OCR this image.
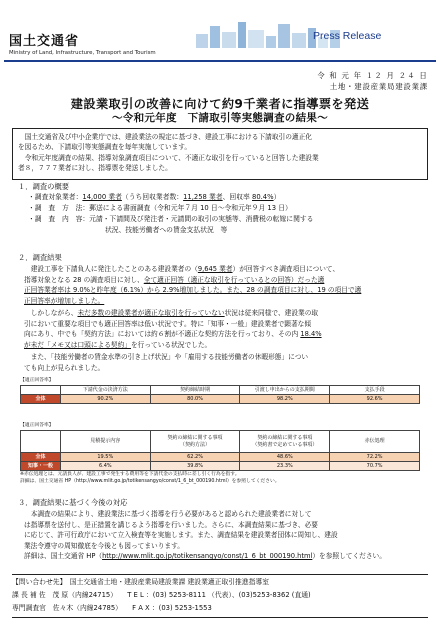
国土交通省
Ministry of Land, Infrastructure, Transport and Tourism
Press Release
令 和 元 年 １２ 月 ２４ 日
土地・建設産業局建設業課
建設業取引の改善に向けて約9千業者に指導票を発送
～令和元年度　下請取引等実態調査の結果～

国土交通省及び中小企業庁では、建設業法の規定に基づき、建設工事における下請取引の適正化

を図るため、下請取引等実態調査を毎年実施しています。

令和元年度調査の結果、指導対象調査項目について、不適正な取引を行っていると回答した建設業

者８，７７７業者に対し、指導票を発送しました。
１．調査の概要
・調査対象業者：14,000 業者（うち回収業者数：11,258 業者、回収率 80.4%）
・調　査　方　法：郵送による書面調査（令和元年７月 10 日～令和元年９月 13 日）
・調　査　内　容：元請・下請間及び発注者・元請間の取引の実態等、消費税の転嫁に関する
状況、技能労働者への賃金支払状況　等
２．調査結果
建設工事を下請負人に発注したことのある建設業者の（9,645 業者）が回答すべき調査項目について、
指導対象となる 28 の調査項目に対し、全て適正回答（適正な取引を行っているとの回答）だった適
正回答業者率は 9.0%と昨年度（6.1%）から 2.9%増加しました。また、28 の調査項目に対し、19 の項目で適
正回答率が増加しました。
しかしながら、未だ多数の建設業者が適正な取引を行っていない状況は従来同様で、建設業の取
引において重要な項目でも適正回答率は低い状況です。特に「知事・一般」建設業者で顕著な傾
向にあり、中でも「契約方法」においては約６割が不適正な契約方法を行っており、その内 18.4%
が未だ「メモ又は口頭による契約」を行っている状況でした。
また、「技能労働者の賃金水準の引き上げ状況」や「雇用する技能労働者の休暇形態」につい
ても向上が見られました。
【適正回答率】
	下請代金の決済方法	契約締結時期	引渡し申出からの支払期間	支払手段
全体	90.2%	80.0%	98.2%	92.6%
【適正回答率】
	見積提示内容	契約の締結に関する事項
（契約方法）	契約の締結に関する事項
（契約書で定めている事項）	赤伝処理
全体	19.5%	62.2%	48.6%	72.2%
知事・一般	6.4%	39.8%	23.3%	70.7%
※赤伝処理とは、元請負人が、建設工事で発生する費用等を下請代金の支払時に差し引く行為を指す。
詳細は、国土交通省 HP（http://www.mlit.go.jp/totikensangyo/const/1_6_bt_000190.html）を参照してください。
３．調査結果に基づく今後の対応
本調査の結果により、建設業法に基づく指導を行う必要があると認められた建設業者に対して
は指導票を送付し、是正措置を講じるよう指導を行いました。さらに、本調査結果に基づき、必要
に応じて、許可行政庁において立入検査等を実施します。また、調査結果を建設業者団体に周知し、建設
業法令遵守の周知徹底を今後とも図ってまいります。
詳細は、国土交通省 HP（http://www.mlit.go.jp/totikensangyo/const/1_6_bt_000190.html）を参照してください。
【問い合わせ先】　国土交通省土地・建設産業局建設業課 建設業適正取引推進指導室
課 長 補 佐　茂 原（内線24715）　　T E L ：(03) 5253-8111 （代表）、(03)5253-8362 (直通)
専門調査官　佐々木（内線24785）　　F A X ：(03) 5253-1553
